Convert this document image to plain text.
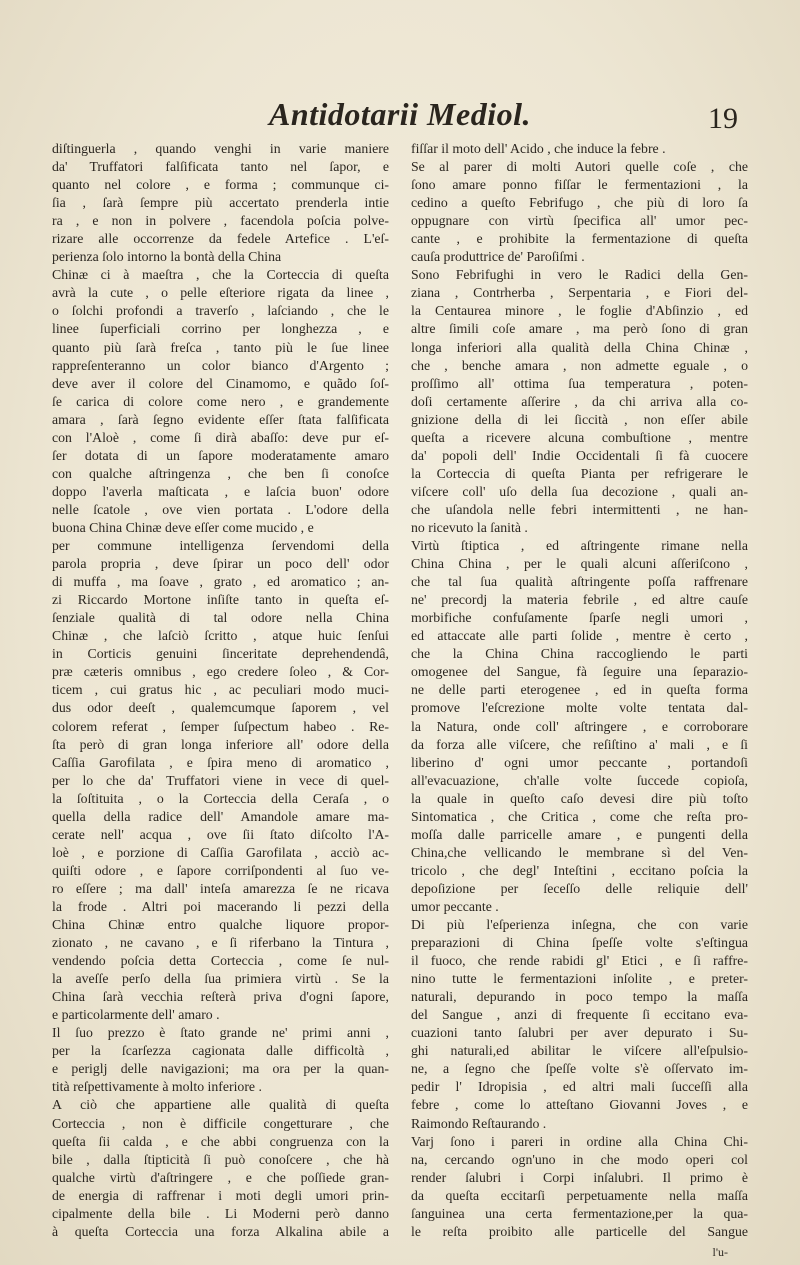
Antidotarii Mediol.	19
diſtinguerla , quando venghi in varie maniere
da' Truffatori falſificata tanto nel ſapor, e
quanto nel colore , e forma ; communque ci-
ſia , ſarà ſempre più accertato prenderla intie
ra , e non in polvere , facendola poſcia polve-
rizare alle occorrenze da fedele Artefice . L'eſ-
perienza ſolo intorno la bontà della China
Chinæ ci à maeſtra , che la Corteccia di queſta
avrà la cute , o pelle eſteriore rigata da linee ,
o ſolchi profondi a traverſo , laſciando , che le
linee ſuperficiali corrino per longhezza , e
quanto più ſarà freſca , tanto più le ſue linee
rappreſenteranno un color bianco d'Argento ;
deve aver il colore del Cinamomo, e quãdo ſoſ-
ſe carica di colore come nero , e grandemente
amara , ſarà ſegno evidente eſſer ſtata falſificata
con l'Aloè , come ſi dirà abaſſo: deve pur eſ-
ſer dotata di un ſapore moderatamente amaro
con qualche aſtringenza , che ben ſi conoſce
doppo l'averla maſticata , e laſcia buon' odore
nelle ſcatole , ove vien portata . L'odore della
buona China Chinæ deve eſſer come mucido , e
per commune intelligenza ſervendomi della
parola propria , deve ſpirar un poco dell' odor
di muffa , ma ſoave , grato , ed aromatico ; an-
zi Riccardo Mortone inſiſte tanto in queſta eſ-
ſenziale qualità di tal odore nella China
Chinæ , che laſciò ſcritto , atque huic ſenſui
in Corticis genuini ſinceritate deprehendendâ,
præ cæteris omnibus , ego credere ſoleo , & Cor-
ticem , cui gratus hic , ac peculiari modo muci-
dus odor deeſt , qualemcumque ſaporem , vel
colorem referat , ſemper ſuſpectum habeo . Re-
ſta però di gran longa inferiore all' odore della
Caſſia Garofilata , e ſpira meno di aromatico ,
per lo che da' Truffatori viene in vece di quel-
la ſoſtituita , o la Corteccia della Ceraſa , o
quella della radice dell' Amandole amare ma-
cerate nell' acqua , ove ſii ſtato diſcolto l'A-
loè , e porzione di Caſſia Garofilata , acciò ac-
quiſti odore , e ſapore corriſpondenti al ſuo ve-
ro eſſere ; ma dall' inteſa amarezza ſe ne ricava
la frode . Altri poi macerando li pezzi della
China Chinæ entro qualche liquore propor-
zionato , ne cavano , e ſi riferbano la Tintura ,
vendendo poſcia detta Corteccia , come ſe nul-
la aveſſe perſo della ſua primiera virtù . Se la
China ſarà vecchia reſterà priva d'ogni ſapore,
e particolarmente dell' amaro .
Il ſuo prezzo è ſtato grande ne' primi anni ,
per la ſcarſezza cagionata dalle difficoltà ,
e periglj delle navigazioni; ma ora per la quan-
tità reſpettivamente à molto inferiore .
A ciò che appartiene alle qualità di queſta
Corteccia , non è difficile congetturare , che
queſta ſii calda , e che abbi congruenza con la
bile , dalla ſtipticità ſi può conoſcere , che hà
qualche virtù d'aſtringere , e che poſſiede gran-
de energia di raffrenar i moti degli umori prin-
cipalmente della bile . Li Moderni però danno
à queſta Corteccia una forza Alkalina abile a
fiſſar il moto dell' Acido , che induce la febre .
Se al parer di molti Autori quelle coſe , che
ſono amare ponno fiſſar le fermentazioni , la
cedino a queſto Febrifugo , che più di loro ſa
oppugnare con virtù ſpecifica all' umor pec-
cante , e prohibite la fermentazione di queſta
cauſa produttrice de' Paroſiſmi .
Sono Febrifughi in vero le Radici della Gen-
ziana , Contrherba , Serpentaria , e Fiori del-
la Centaurea minore , le foglie d'Abſinzio , ed
altre ſimili coſe amare , ma però ſono di gran
longa inferiori alla qualità della China Chinæ ,
che , benche amara , non admette eguale , o
proſſimo all' ottima ſua temperatura , poten-
doſi certamente aſſerire , da chi arriva alla co-
gnizione della di lei ſiccità , non eſſer abile
queſta a ricevere alcuna combuſtione , mentre
da' popoli dell' Indie Occidentali ſi fà cuocere
la Corteccia di queſta Pianta per refrigerare le
viſcere coll' uſo della ſua decozione , quali an-
che uſandola nelle febri intermittenti , ne han-
no ricevuto la ſanità .
Virtù ſtiptica , ed aſtringente rimane nella
China China , per le quali alcuni aſſeriſcono ,
che tal ſua qualità aſtringente poſſa raffrenare
ne' precordj la materia febrile , ed altre cauſe
morbifiche confuſamente ſparſe negli umori ,
ed attaccate alle parti ſolide , mentre è certo ,
che la China China raccogliendo le parti
omogenee del Sangue, fà ſeguire una ſeparazio-
ne delle parti eterogenee , ed in queſta forma
promove l'eſcrezione molte volte tentata dal-
la Natura, onde coll' aſtringere , e corroborare
da forza alle viſcere, che reſiſtino a' mali , e ſi
liberino d' ogni umor peccante , portandoſi
all'evacuazione, ch'alle volte ſuccede copioſa,
la quale in queſto caſo devesi dire più toſto
Sintomatica , che Critica , come che reſta pro-
moſſa dalle parricelle amare , e pungenti della
China,che vellicando le membrane sì del Ven-
tricolo , che degl' Inteſtini , eccitano poſcia la
depoſizione per ſeceſſo delle reliquie dell'
umor peccante .
Di più l'eſperienza inſegna, che con varie
preparazioni di China ſpeſſe volte s'eſtingua
il fuoco, che rende rabidi gl' Etici , e ſi raffre-
nino tutte le fermentazioni inſolite , e preter-
naturali, depurando in poco tempo la maſſa
del Sangue , anzi di frequente ſi eccitano eva-
cuazioni tanto ſalubri per aver depurato i Su-
ghi naturali,ed abilitar le viſcere all'eſpulsio-
ne, a ſegno che ſpeſſe volte s'è oſſervato im-
pedir l' Idropisia , ed altri mali ſucceſſi alla
febre , come lo atteſtano Giovanni Joves , e
Raimondo Reſtaurando .
Varj ſono i pareri in ordine alla China Chi-
na, cercando ogn'uno in che modo operi col
render ſalubri i Corpi inſalubri. Il primo è
da queſta eccitarſi perpetuamente nella maſſa
ſanguinea una certa fermentazione,per la qua-
le reſta proibito alle particelle del Sangue
l'u-
